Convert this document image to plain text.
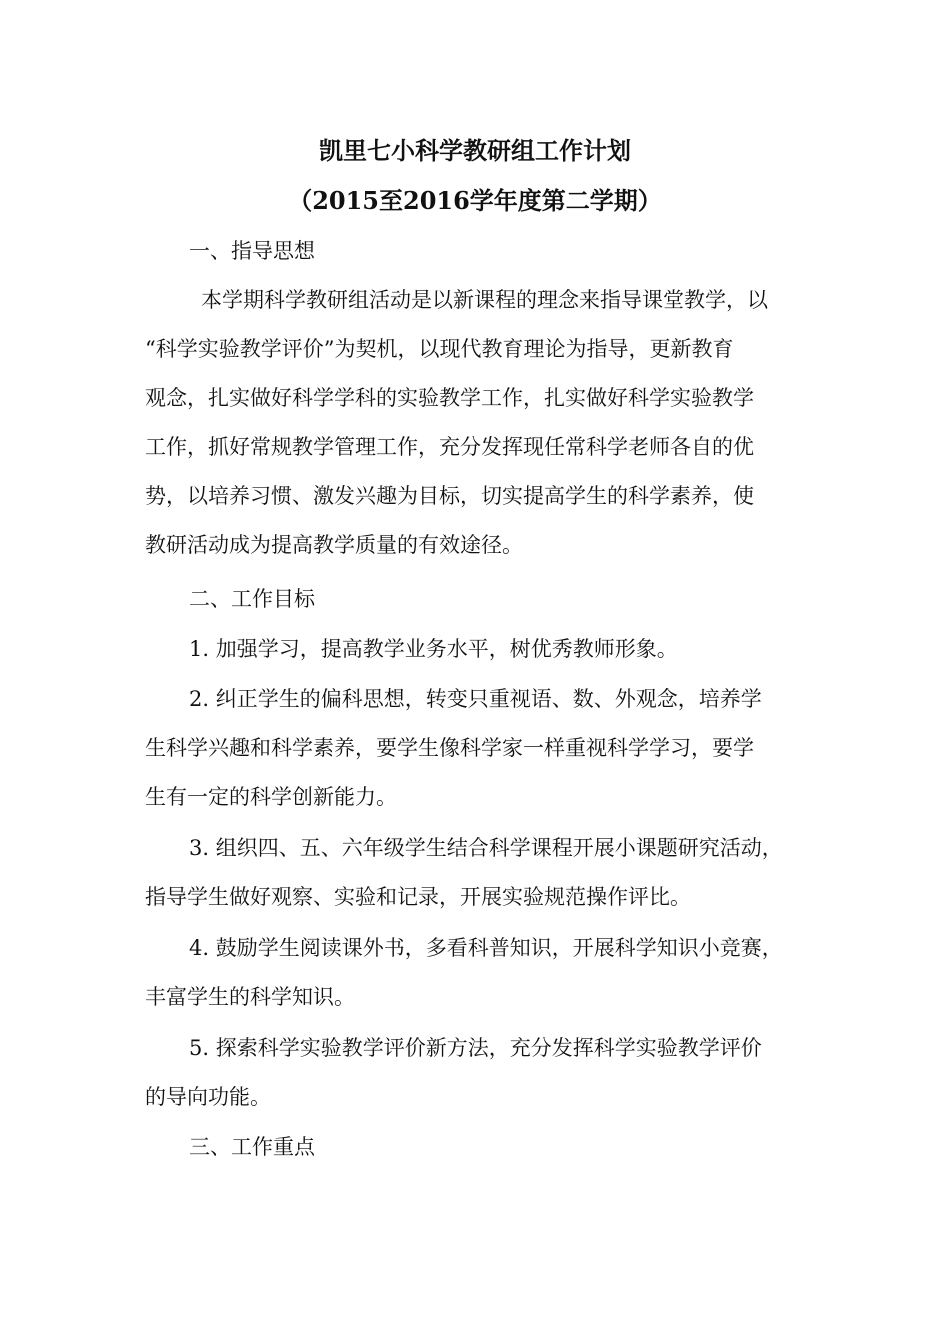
凯里七小科学教研组工作计划
（2015至2016学年度第二学期）
一、指导思想
本学期科学教研组活动是以新课程的理念来指导课堂教学，以
“科学实验教学评价”为契机，以现代教育理论为指导，更新教育
观念，扎实做好科学学科的实验教学工作，扎实做好科学实验教学
工作，抓好常规教学管理工作，充分发挥现任常科学老师各自的优
势，以培养习惯、激发兴趣为目标，切实提高学生的科学素养，使
教研活动成为提高教学质量的有效途径。
二、工作目标
1. 加强学习，提高教学业务水平，树优秀教师形象。
2. 纠正学生的偏科思想，转变只重视语、数、外观念，培养学
生科学兴趣和科学素养，要学生像科学家一样重视科学学习，要学
生有一定的科学创新能力。
3. 组织四、五、六年级学生结合科学课程开展小课题研究活动，
指导学生做好观察、实验和记录，开展实验规范操作评比。
4. 鼓励学生阅读课外书，多看科普知识，开展科学知识小竞赛，
丰富学生的科学知识。
5. 探索科学实验教学评价新方法，充分发挥科学实验教学评价
的导向功能。
三、工作重点
